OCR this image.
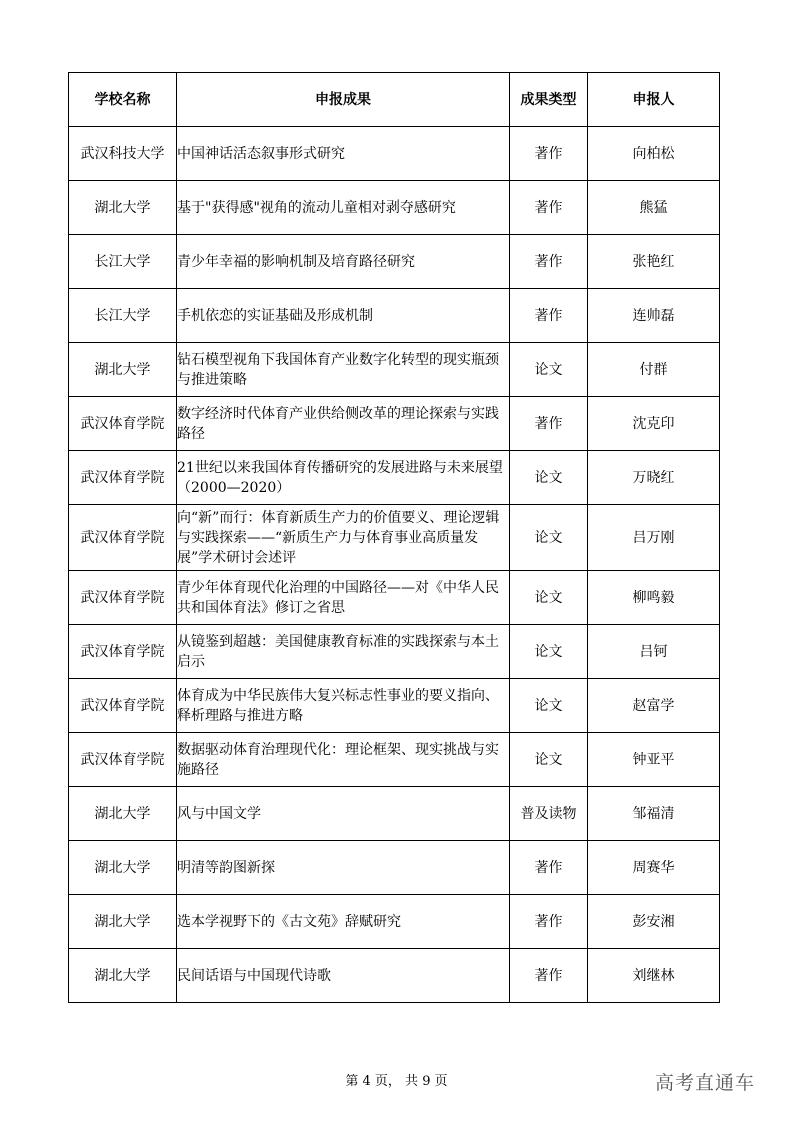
学校名称	申报成果	成果类型	申报人
武汉科技大学	中国神话活态叙事形式研究	著作	向柏松
湖北大学	基于"获得感"视角的流动儿童相对剥夺感研究	著作	熊猛
长江大学	青少年幸福的影响机制及培育路径研究	著作	张艳红
长江大学	手机依恋的实证基础及形成机制	著作	连帅磊
湖北大学	钻石模型视角下我国体育产业数字化转型的现实瓶颈与推进策略	论文	付群
武汉体育学院	数字经济时代体育产业供给侧改革的理论探索与实践路径	著作	沈克印
武汉体育学院	21世纪以来我国体育传播研究的发展进路与未来展望（2000—2020）	论文	万晓红
武汉体育学院	向“新”而行：体育新质生产力的价值要义、理论逻辑与实践探索——“新质生产力与体育事业高质量发展”学术研讨会述评	论文	吕万刚
武汉体育学院	青少年体育现代化治理的中国路径——对《中华人民共和国体育法》修订之省思	论文	柳鸣毅
武汉体育学院	从镜鉴到超越：美国健康教育标准的实践探索与本土启示	论文	吕钶
武汉体育学院	体育成为中华民族伟大复兴标志性事业的要义指向、释析理路与推进方略	论文	赵富学
武汉体育学院	数据驱动体育治理现代化：理论框架、现实挑战与实施路径	论文	钟亚平
湖北大学	风与中国文学	普及读物	邹福清
湖北大学	明清等韵图新探	著作	周赛华
湖北大学	选本学视野下的《古文苑》辞赋研究	著作	彭安湘
湖北大学	民间话语与中国现代诗歌	著作	刘继林
第 4 页， 共 9 页	高考直通车
